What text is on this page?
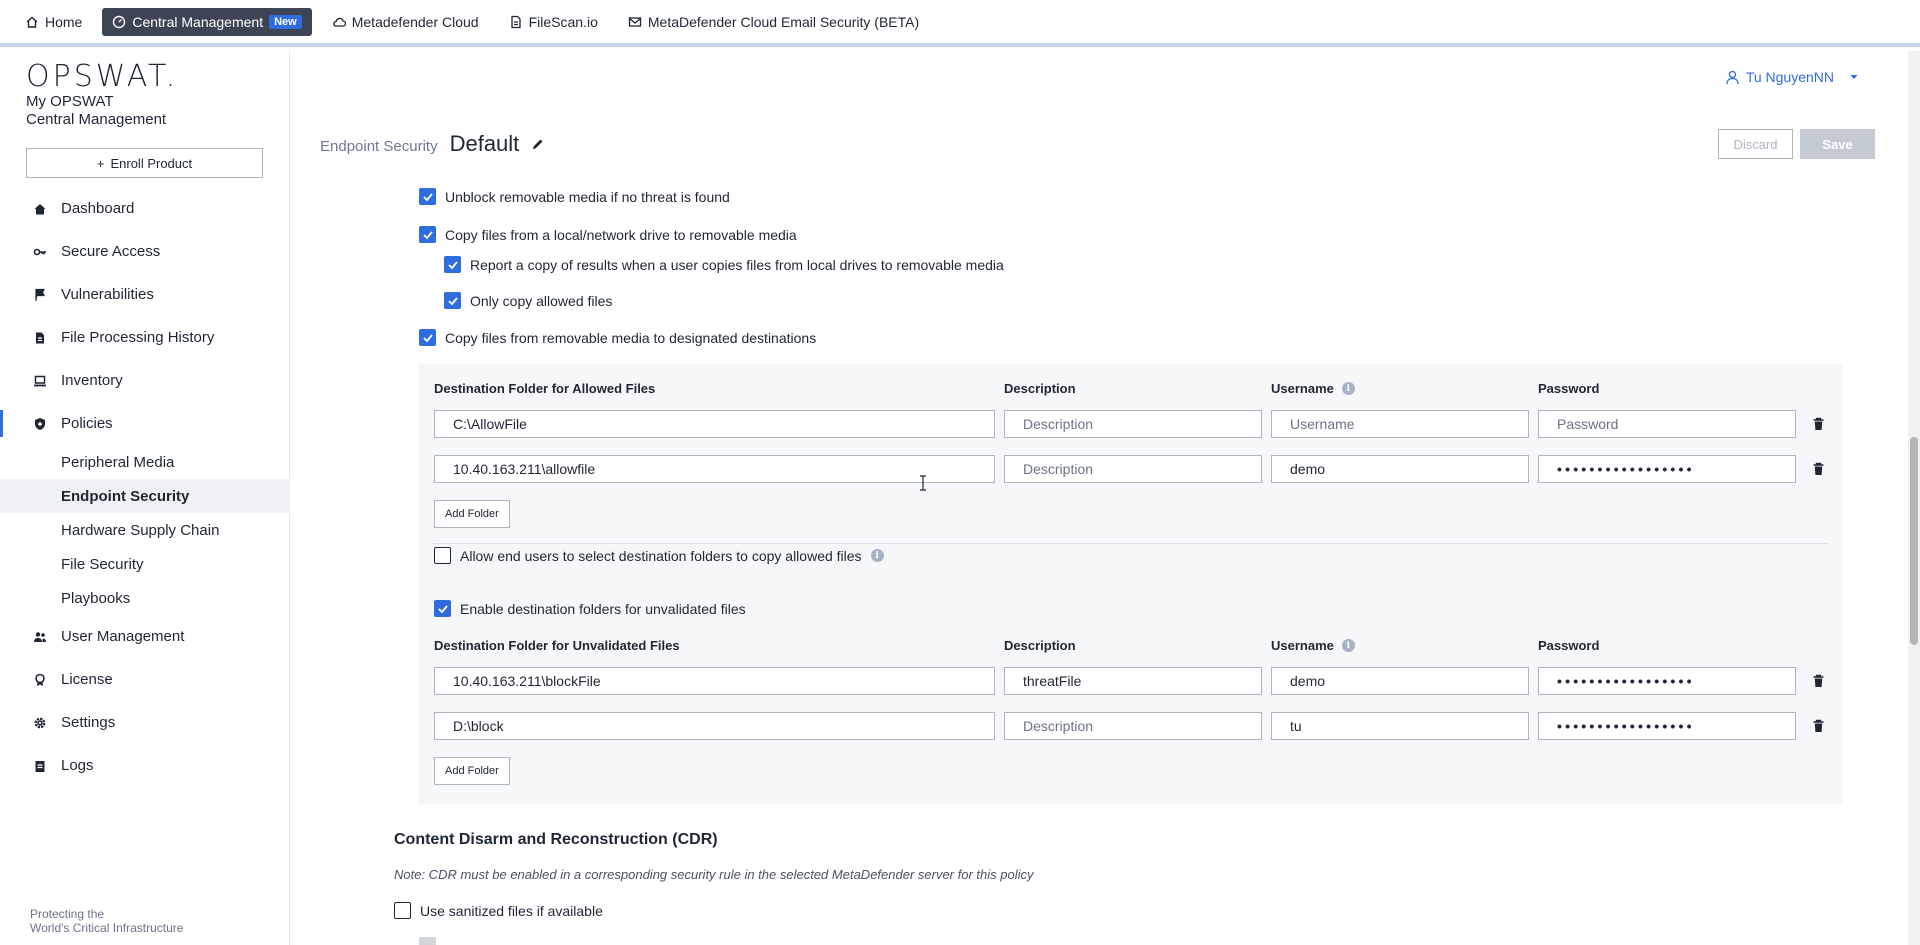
Home	Central Management	New	Metadefender Cloud	FileScan.io	MetaDefender Cloud Email Security (BETA)
OPSWAT.
My OPSWAT
Central Management
+ Enroll Product
Dashboard
Secure Access
Vulnerabilities
File Processing History
Inventory
Policies
Peripheral Media
Endpoint Security
Hardware Supply Chain
File Security
Playbooks
User Management
License
Settings
Logs
Protecting the
World's Critical Infrastructure
Tu NguyenNN
Endpoint Security Default	Discard	Save
Unblock removable media if no threat is found
Copy files from a local/network drive to removable media
Report a copy of results when a user copies files from local drives to removable media
Only copy allowed files
Copy files from removable media to designated destinations
Destination Folder for Allowed Files	Description	Username	i	Password
C:\AllowFile	Description	Username	Password
10.40.163.211\allowfile	Description	demo	•••••••••••••••••
Add Folder
Allow end users to select destination folders to copy allowed files	i
Enable destination folders for unvalidated files
Destination Folder for Unvalidated Files	Description	Username	i	Password
10.40.163.211\blockFile	threatFile	demo	•••••••••••••••••
D:\block	Description	tu	•••••••••••••••••
Add Folder
Content Disarm and Reconstruction (CDR)
Note: CDR must be enabled in a corresponding security rule in the selected MetaDefender server for this policy
Use sanitized files if available
